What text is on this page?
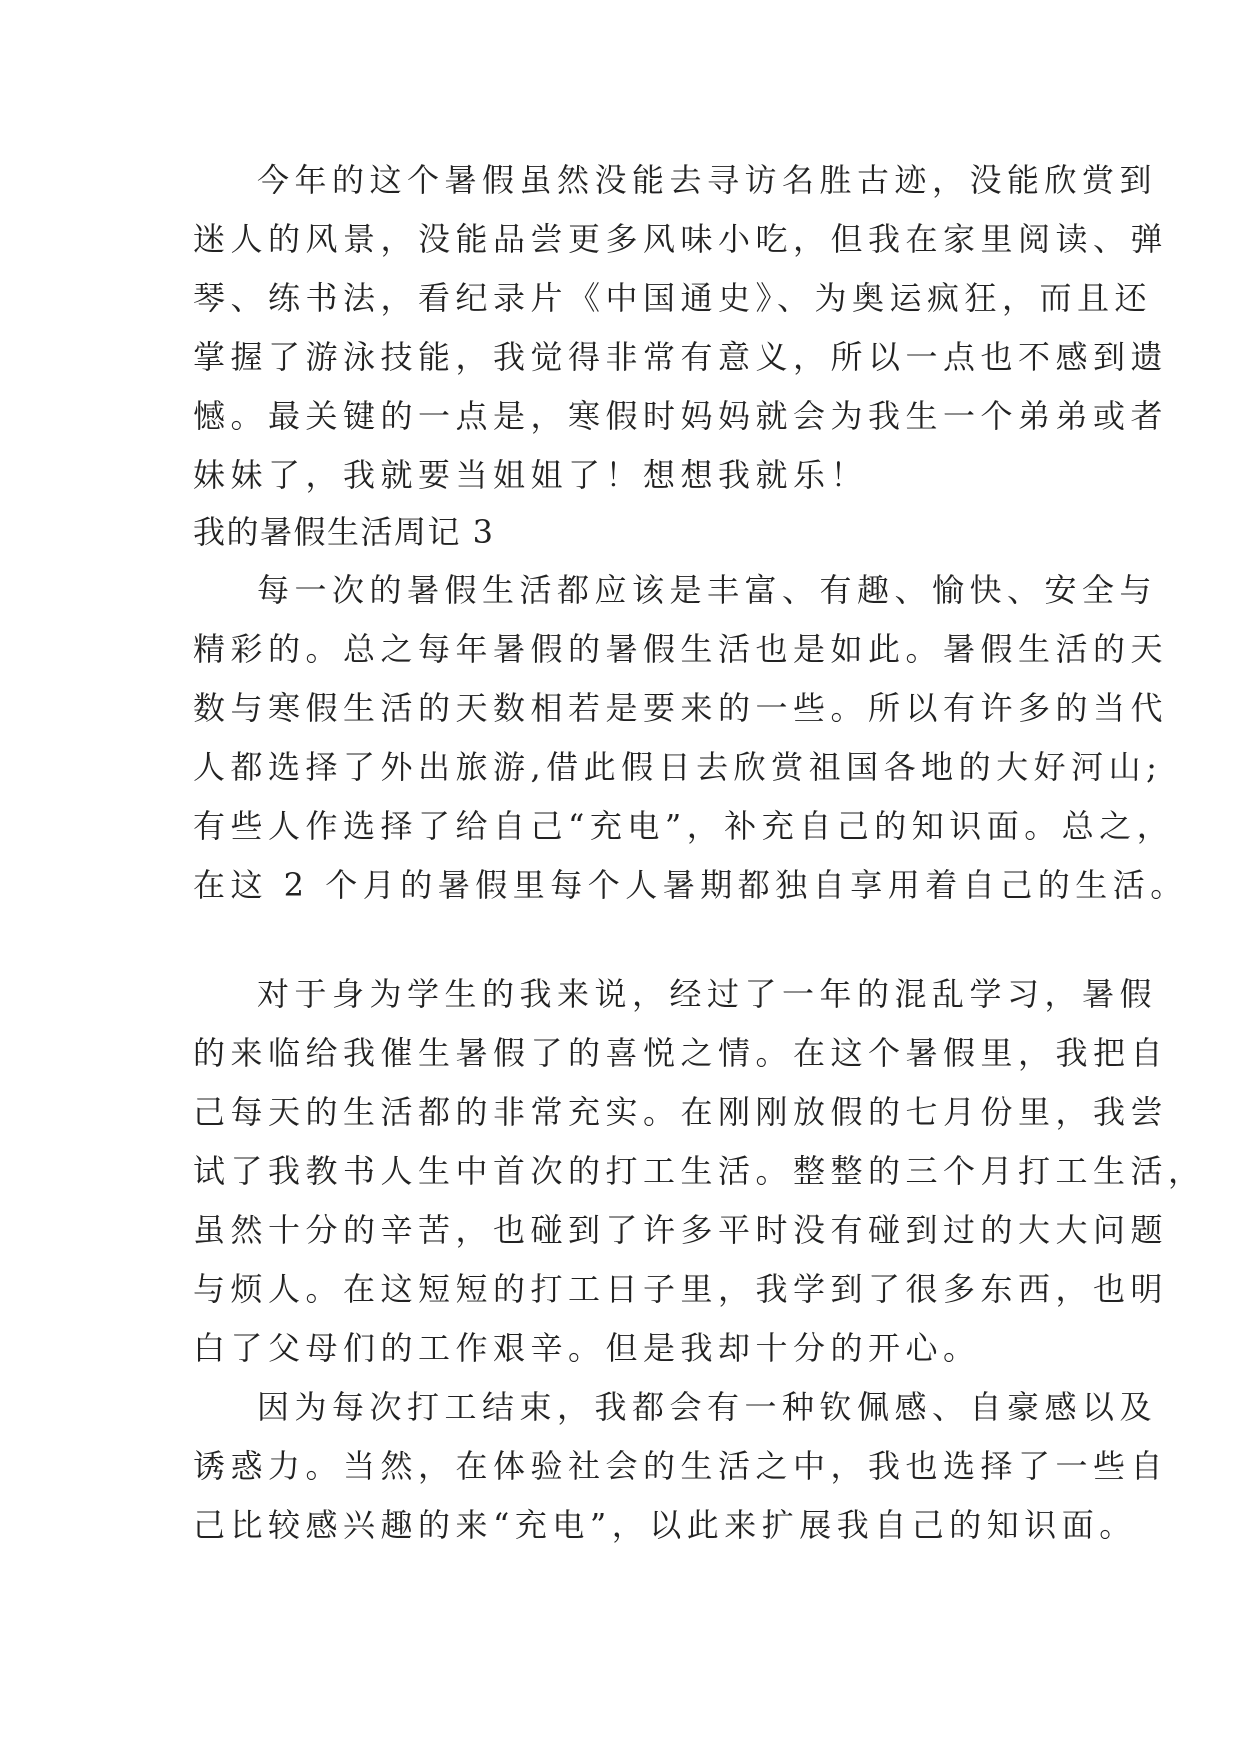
今年的这个暑假虽然没能去寻访名胜古迹，没能欣赏到

迷人的风景，没能品尝更多风味小吃，但我在家里阅读、弹

琴、练书法，看纪录片《中国通史》、为奥运疯狂，而且还

掌握了游泳技能，我觉得非常有意义，所以一点也不感到遗

憾。最关键的一点是，寒假时妈妈就会为我生一个弟弟或者

妹妹了，我就要当姐姐了！想想我就乐！

我的暑假生活周记 3

每一次的暑假生活都应该是丰富、有趣、愉快、安全与

精彩的。总之每年暑假的暑假生活也是如此。暑假生活的天

数与寒假生活的天数相若是要来的一些。所以有许多的当代

人都选择了外出旅游,借此假日去欣赏祖国各地的大好河山;

有些人作选择了给自己“充电”，补充自己的知识面。总之，

在这 2 个月的暑假里每个人暑期都独自享用着自己的生活。

对于身为学生的我来说，经过了一年的混乱学习，暑假

的来临给我催生暑假了的喜悦之情。在这个暑假里，我把自

己每天的生活都的非常充实。在刚刚放假的七月份里，我尝

试了我教书人生中首次的打工生活。整整的三个月打工生活，

虽然十分的辛苦，也碰到了许多平时没有碰到过的大大问题

与烦人。在这短短的打工日子里，我学到了很多东西，也明

白了父母们的工作艰辛。但是我却十分的开心。

因为每次打工结束，我都会有一种钦佩感、自豪感以及

诱惑力。当然，在体验社会的生活之中，我也选择了一些自

己比较感兴趣的来“充电”，以此来扩展我自己的知识面。
